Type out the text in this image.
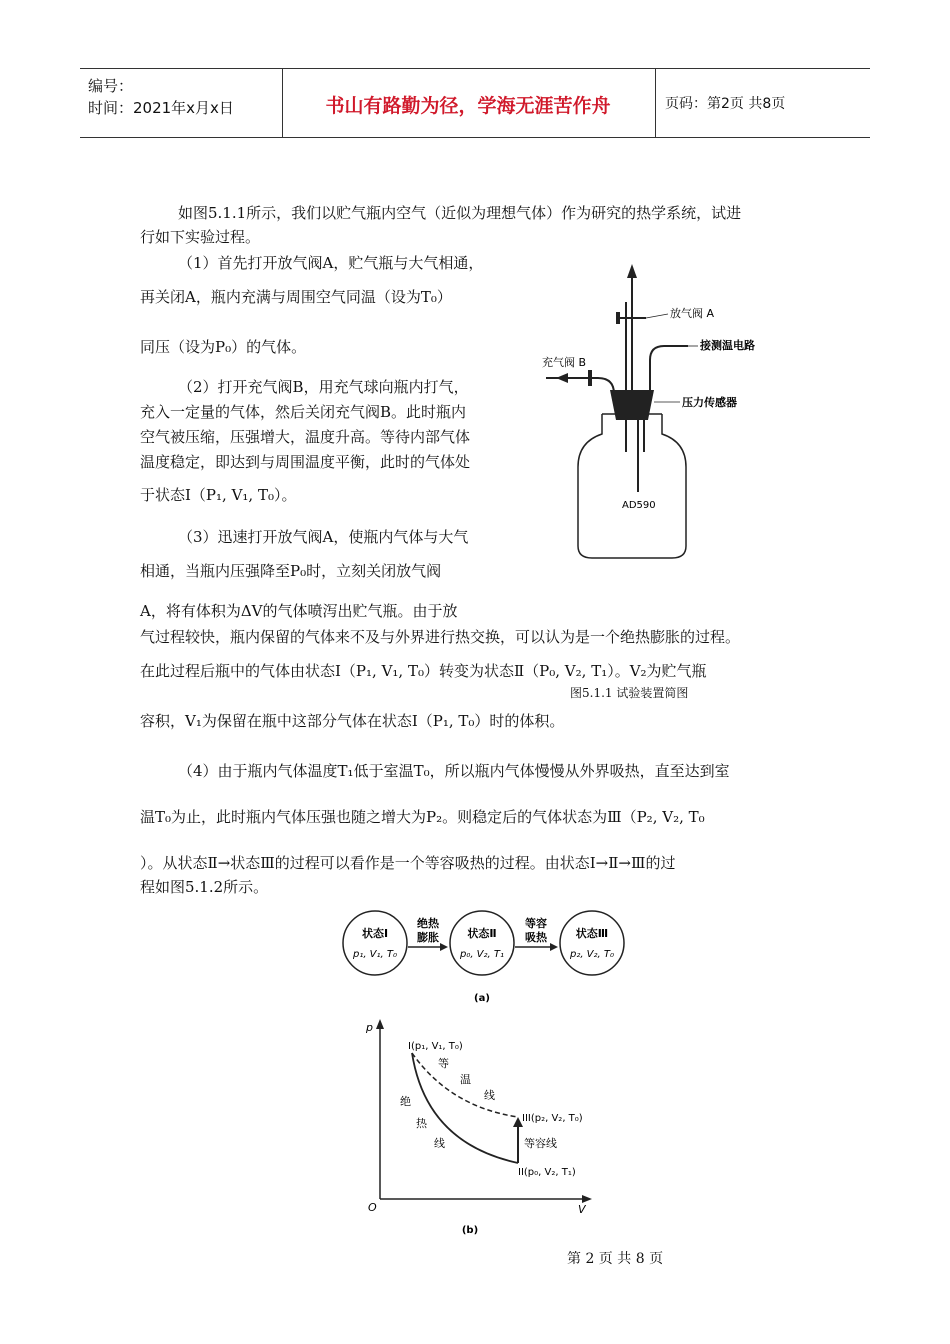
编号：
时间：2021年x月x日	书山有路勤为径，学海无涯苦作舟	页码：第2页 共8页
如图5.1.1所示，我们以贮气瓶内空气（近似为理想气体）作为研究的热学系统，试进
行如下实验过程。
（1）首先打开放气阀A，贮气瓶与大气相通，
再关闭A，瓶内充满与周围空气同温（设为T₀）
同压（设为P₀）的气体。
（2）打开充气阀B，用充气球向瓶内打气，
充入一定量的气体，然后关闭充气阀B。此时瓶内
空气被压缩，压强增大，温度升高。等待内部气体
温度稳定，即达到与周围温度平衡，此时的气体处
于状态Ⅰ（P₁, V₁, T₀）。
（3）迅速打开放气阀A，使瓶内气体与大气
相通，当瓶内压强降至P₀时，立刻关闭放气阀
A，将有体积为ΔV的气体喷泻出贮气瓶。由于放
气过程较快，瓶内保留的气体来不及与外界进行热交换，可以认为是一个绝热膨胀的过程。
在此过程后瓶中的气体由状态Ⅰ（P₁, V₁, T₀）转变为状态Ⅱ（P₀, V₂, T₁）。V₂为贮气瓶
图5.1.1 试验装置简图
容积，V₁为保留在瓶中这部分气体在状态Ⅰ（P₁, T₀）时的体积。
（4）由于瓶内气体温度T₁低于室温T₀，所以瓶内气体慢慢从外界吸热，直至达到室
温T₀为止，此时瓶内气体压强也随之增大为P₂。则稳定后的气体状态为Ⅲ（P₂, V₂, T₀
）。从状态Ⅱ→状态Ⅲ的过程可以看作是一个等容吸热的过程。由状态Ⅰ→Ⅱ→Ⅲ的过
程如图5.1.2所示。
放气阀 A
接测温电路
充气阀 B
压力传感器
AD590
状态Ⅰ
p₁, V₁, T₀
状态Ⅱ
p₀, V₂, T₁
状态Ⅲ
p₂, V₂, T₀
绝热
膨胀
等容
吸热
(a)
p
V
O
I(p₁, V₁, T₀)
III(p₂, V₂, T₀)
II(p₀, V₂, T₁)
等
温
线
绝
热
线	等容线
(b)
第 2 页 共 8 页
